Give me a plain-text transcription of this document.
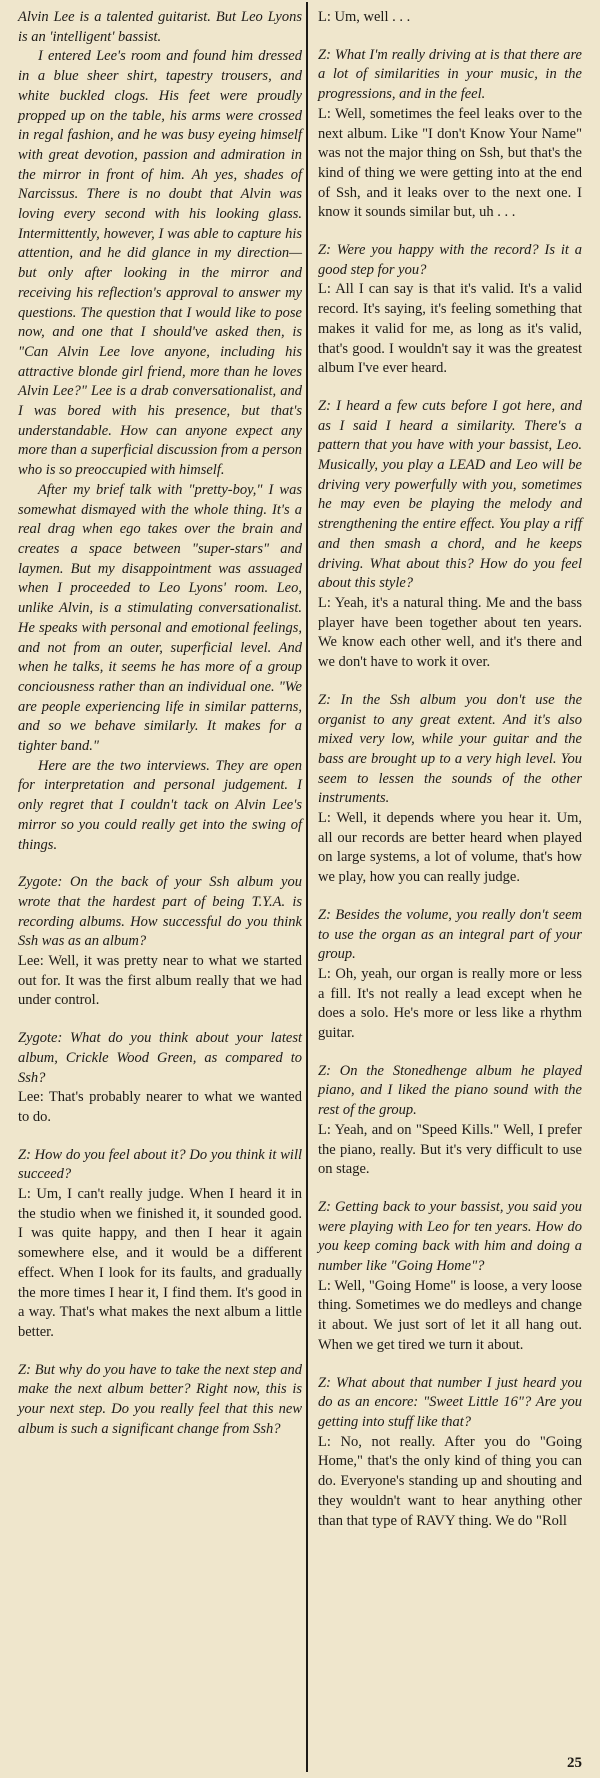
Alvin Lee is a talented guitarist. But Leo Lyons is an 'intelligent' bassist.

I entered Lee's room and found him dressed in a blue sheer shirt, tapestry trousers, and white buckled clogs. His feet were proudly propped up on the table, his arms were crossed in regal fashion, and he was busy eyeing himself with great devotion, passion and admiration in the mirror in front of him. Ah yes, shades of Narcissus. There is no doubt that Alvin was loving every second with his looking glass. Intermittently, however, I was able to capture his attention, and he did glance in my direction—but only after looking in the mirror and receiving his reflection's approval to answer my questions. The question that I would like to pose now, and one that I should've asked then, is "Can Alvin Lee love anyone, including his attractive blonde girl friend, more than he loves Alvin Lee?" Lee is a drab conversationalist, and I was bored with his presence, but that's understandable. How can anyone expect any more than a superficial discussion from a person who is so preoccupied with himself.

After my brief talk with "pretty-boy," I was somewhat dismayed with the whole thing. It's a real drag when ego takes over the brain and creates a space between "super-stars" and laymen. But my disappointment was assuaged when I proceeded to Leo Lyons' room. Leo, unlike Alvin, is a stimulating conversationalist. He speaks with personal and emotional feelings, and not from an outer, superficial level. And when he talks, it seems he has more of a group conciousness rather than an individual one. "We are people experiencing life in similar patterns, and so we behave similarly. It makes for a tighter band."

Here are the two interviews. They are open for interpretation and personal judgement. I only regret that I couldn't tack on Alvin Lee's mirror so you could really get into the swing of things.

Zygote: On the back of your Ssh album you wrote that the hardest part of being T.Y.A. is recording albums. How successful do you think Ssh was as an album?

Lee: Well, it was pretty near to what we started out for. It was the first album really that we had under control.

Zygote: What do you think about your latest album, Crickle Wood Green, as compared to Ssh?

Lee: That's probably nearer to what we wanted to do.

Z: How do you feel about it? Do you think it will succeed?

L: Um, I can't really judge. When I heard it in the studio when we finished it, it sounded good. I was quite happy, and then I hear it again somewhere else, and it would be a different effect. When I look for its faults, and gradually the more times I hear it, I find them. It's good in a way. That's what makes the next album a little better.

Z: But why do you have to take the next step and make the next album better? Right now, this is your next step. Do you really feel that this new album is such a significant change from Ssh?

L: Um, well . . .

Z: What I'm really driving at is that there are a lot of similarities in your music, in the progressions, and in the feel.

L: Well, sometimes the feel leaks over to the next album. Like "I don't Know Your Name" was not the major thing on Ssh, but that's the kind of thing we were getting into at the end of Ssh, and it leaks over to the next one. I know it sounds similar but, uh . . .

Z: Were you happy with the record? Is it a good step for you?

L: All I can say is that it's valid. It's a valid record. It's saying, it's feeling something that makes it valid for me, as long as it's valid, that's good. I wouldn't say it was the greatest album I've ever heard.

Z: I heard a few cuts before I got here, and as I said I heard a similarity. There's a pattern that you have with your bassist, Leo. Musically, you play a LEAD and Leo will be driving very powerfully with you, sometimes he may even be playing the melody and strengthening the entire effect. You play a riff and then smash a chord, and he keeps driving. What about this? How do you feel about this style?

L: Yeah, it's a natural thing. Me and the bass player have been together about ten years. We know each other well, and it's there and we don't have to work it over.

Z: In the Ssh album you don't use the organist to any great extent. And it's also mixed very low, while your guitar and the bass are brought up to a very high level. You seem to lessen the sounds of the other instruments.

L: Well, it depends where you hear it. Um, all our records are better heard when played on large systems, a lot of volume, that's how we play, how you can really judge.

Z: Besides the volume, you really don't seem to use the organ as an integral part of your group.

L: Oh, yeah, our organ is really more or less a fill. It's not really a lead except when he does a solo. He's more or less like a rhythm guitar.

Z: On the Stonedhenge album he played piano, and I liked the piano sound with the rest of the group.

L: Yeah, and on "Speed Kills." Well, I prefer the piano, really. But it's very difficult to use on stage.

Z: Getting back to your bassist, you said you were playing with Leo for ten years. How do you keep coming back with him and doing a number like "Going Home"?

L: Well, "Going Home" is loose, a very loose thing. Sometimes we do medleys and change it about. We just sort of let it all hang out. When we get tired we turn it about.

Z: What about that number I just heard you do as an encore: "Sweet Little 16"? Are you getting into stuff like that?

L: No, not really. After you do "Going Home," that's the only kind of thing you can do. Everyone's standing up and shouting and they wouldn't want to hear anything other than that type of RAVY thing. We do "Roll

25
